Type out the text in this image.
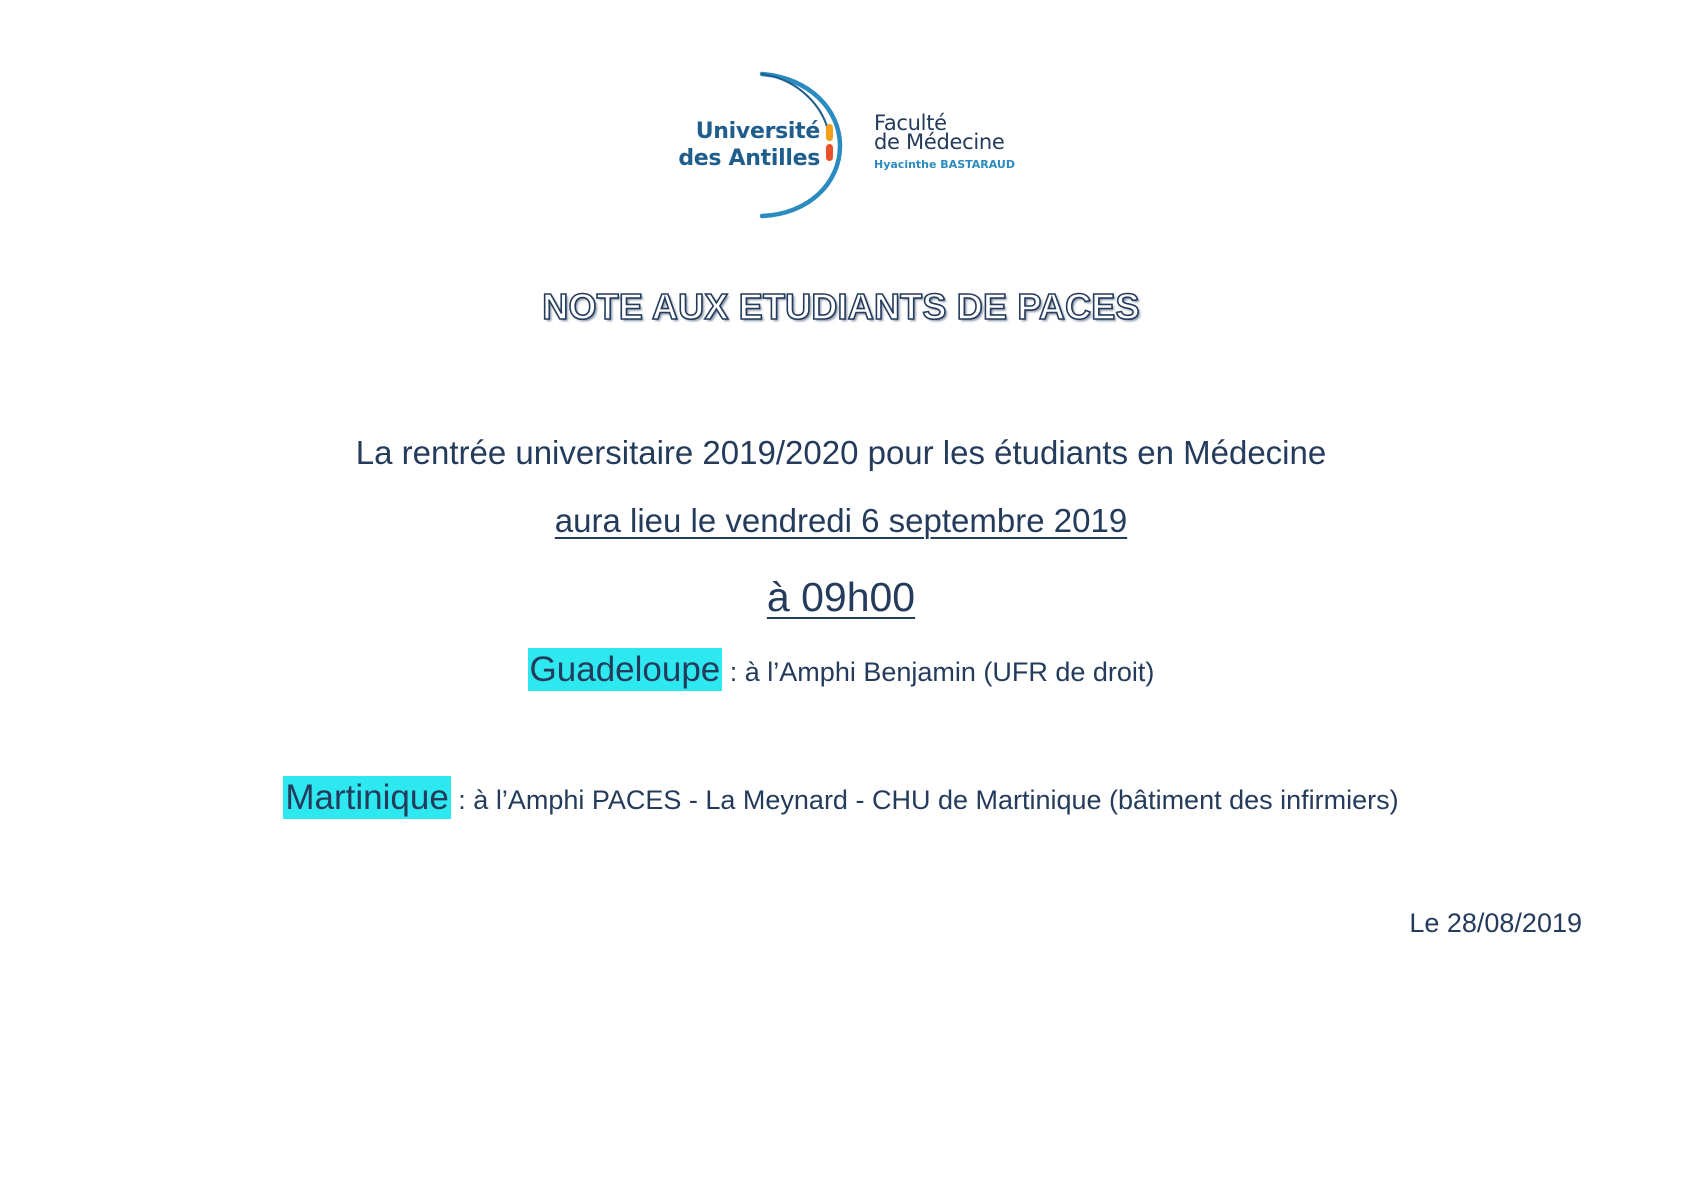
Université
des Antilles
Faculté
de Médecine
Hyacinthe BASTARAUD
NOTE AUX ETUDIANTS DE PACES
La rentrée universitaire 2019/2020 pour les étudiants en Médecine
aura lieu le vendredi 6 septembre 2019
à 09h00
Guadeloupe : à l’Amphi Benjamin (UFR de droit)
Martinique : à l’Amphi PACES - La Meynard - CHU de Martinique (bâtiment des infirmiers)
Le 28/08/2019
